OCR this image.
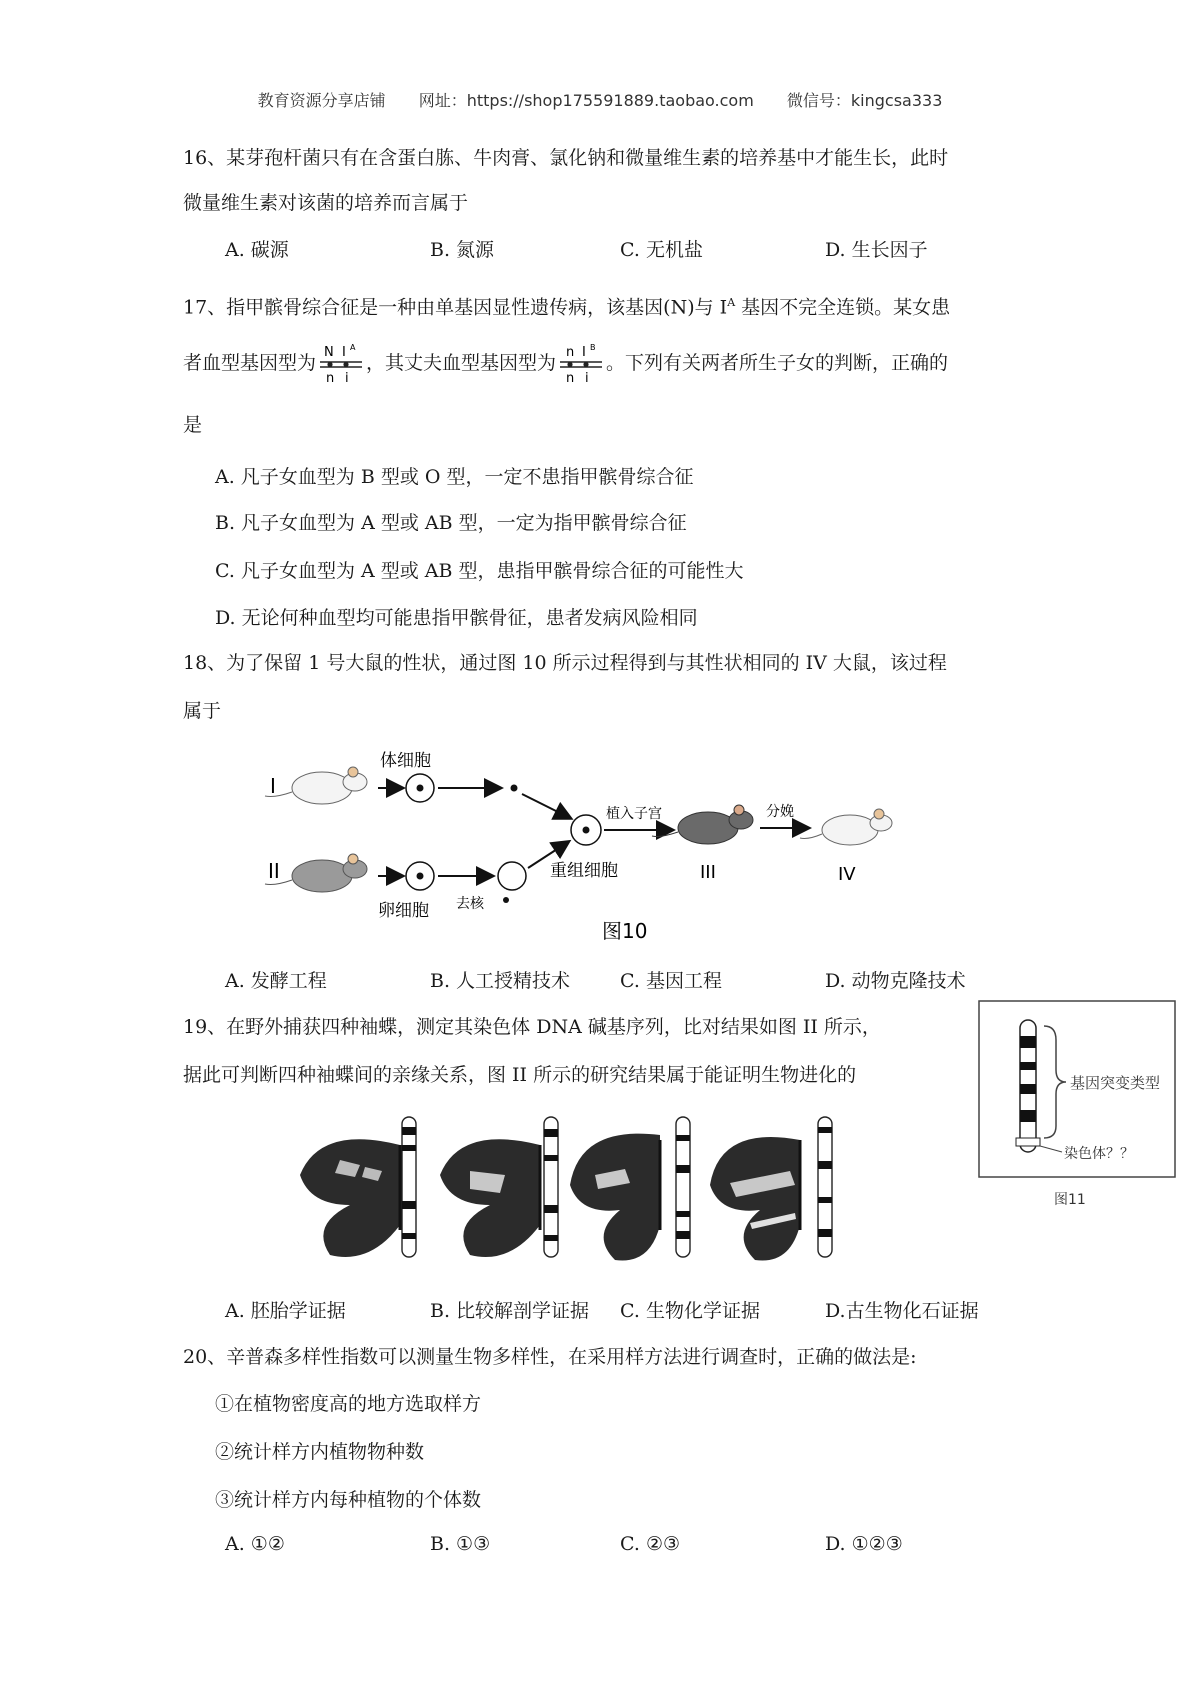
教育资源分享店铺 网址：https://shop175591889.taobao.com 微信号：kingcsa333
16、某芽孢杆菌只有在含蛋白胨、牛肉膏、氯化钠和微量维生素的培养基中才能生长，此时
微量维生素对该菌的培养而言属于
A. 碳源	B. 氮源	C. 无机盐	D. 生长因子
17、指甲髌骨综合征是一种由单基因显性遗传病，该基因(N)与 $I^A$ 基因不完全连锁。某女患
者血型基因型为 N I A
n i
，其丈夫血型基因型为 n I B
n i
。下列有关两者所生子女的判断，正确的
是
A. 凡子女血型为 B 型或 O 型，一定不患指甲髌骨综合征
B. 凡子女血型为 A 型或 AB 型，一定为指甲髌骨综合征
C. 凡子女血型为 A 型或 AB 型，患指甲髌骨综合征的可能性大
D. 无论何种血型均可能患指甲髌骨征，患者发病风险相同
18、为了保留 1 号大鼠的性状，通过图 10 所示过程得到与其性状相同的 IV 大鼠，该过程
属于
I
II
体细胞
卵细胞 去核
重组细胞
植入子宫
III
分娩
IV
图10
A. 发酵工程	B. 人工授精技术	C. 基因工程	D. 动物克隆技术
19、在野外捕获四种袖蝶，测定其染色体 DNA 碱基序列，比对结果如图 II 所示，
据此可判断四种袖蝶间的亲缘关系，图 II 所示的研究结果属于能证明生物进化的	基因突变类型
染色体？？
图11
A. 胚胎学证据	B. 比较解剖学证据 C. 生物化学证据	D.古生物化石证据
20、辛普森多样性指数可以测量生物多样性，在采用样方法进行调查时，正确的做法是:
①在植物密度高的地方选取样方
②统计样方内植物物种数
③统计样方内每种植物的个体数
A. ①②	B. ①③	C. ②③	D. ①②③
